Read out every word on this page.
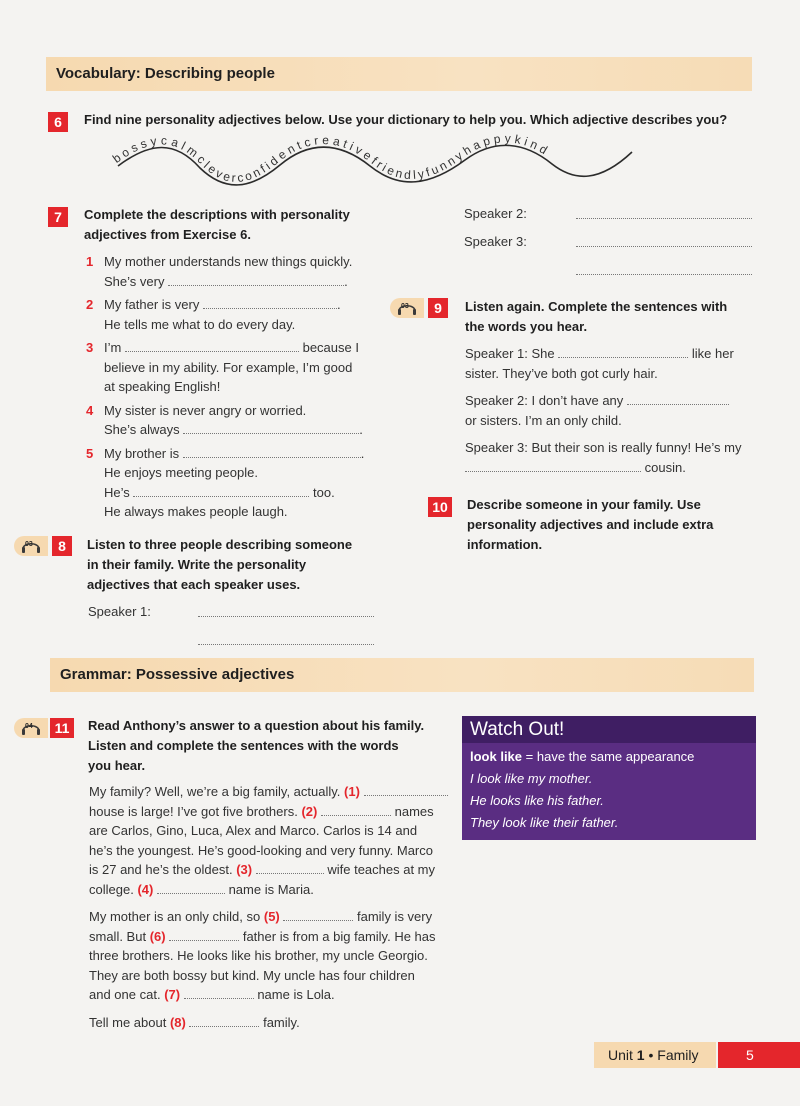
Vocabulary: Describing people
6	Find nine personality adjectives below. Use your dictionary to help you. Which adjective describes you?
bossycalmcleverconfidentcreativefriendlyfunnyhappykind
7	Complete the descriptions with personality
adjectives from Exercise 6.
1 My mother understands new things quickly.
She’s very	.
2 My father is very	.
He tells me what to do every day.
3 I’m	because I
believe in my ability. For example, I’m good
at speaking English!
4 My sister is never angry or worried.
She’s always	.
5 My brother is	.
He enjoys meeting people.
He’s	too.
He always makes people laugh.
03	8	Listen to three people describing someone
in their family. Write the personality
adjectives that each speaker uses.
Speaker 1:
Speaker 2:
Speaker 3:
03	9	Listen again. Complete the sentences with
the words you hear.
Speaker 1: She	like her
sister. They’ve both got curly hair.
Speaker 2: I don’t have any
or sisters. I’m an only child.
Speaker 3: But their son is really funny! He’s my
cousin.
10	Describe someone in your family. Use
personality adjectives and include extra
information.
Grammar: Possessive adjectives
04	11	Read Anthony’s answer to a question about his family.
Listen and complete the sentences with the words
you hear.
My family? Well, we’re a big family, actually. (1)
house is large! I’ve got five brothers. (2)	names
are Carlos, Gino, Luca, Alex and Marco. Carlos is 14 and
he’s the youngest. He’s good-looking and very funny. Marco
is 27 and he’s the oldest. (3)	wife teaches at my
college. (4)	name is Maria.
My mother is an only child, so (5)	family is very
small. But (6)	father is from a big family. He has
three brothers. He looks like his brother, my uncle Georgio.
They are both bossy but kind. My uncle has four children
and one cat. (7)	name is Lola.
Tell me about (8)	family.
Watch Out!
look like = have the same appearance
I look like my mother.
He looks like his father.
They look like their father.
Unit 1 • Family	5
